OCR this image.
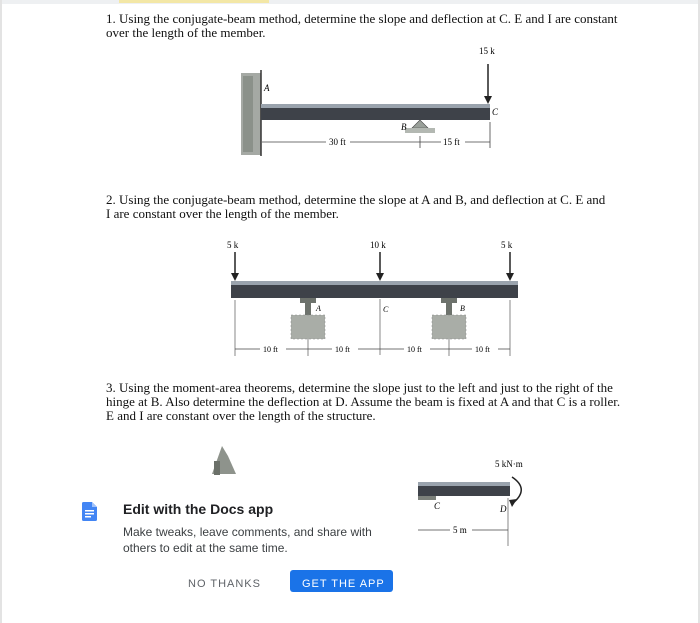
1. Using the conjugate-beam method, determine the slope and deflection at C. E and I are constant

over the length of the member.

A
B
15 k
C
30 ft	15 ft

2. Using the conjugate-beam method, determine the slope at A and B, and deflection at C. E and

I are constant over the length of the member.

5 k	10 k	5 k
A	B
C
10 ft	10 ft	10 ft	10 ft

3. Using the moment-area theorems, determine the slope just to the left and just to the right of the

hinge at B. Also determine the deflection at D. Assume the beam is fixed at A and that C is a roller.

E and I are constant over the length of the structure.

C
5 kN·m
D
5 m
Edit with the Docs app
Make tweaks, leave comments, and share with others to edit at the same time.
NO THANKS	GET THE APP
